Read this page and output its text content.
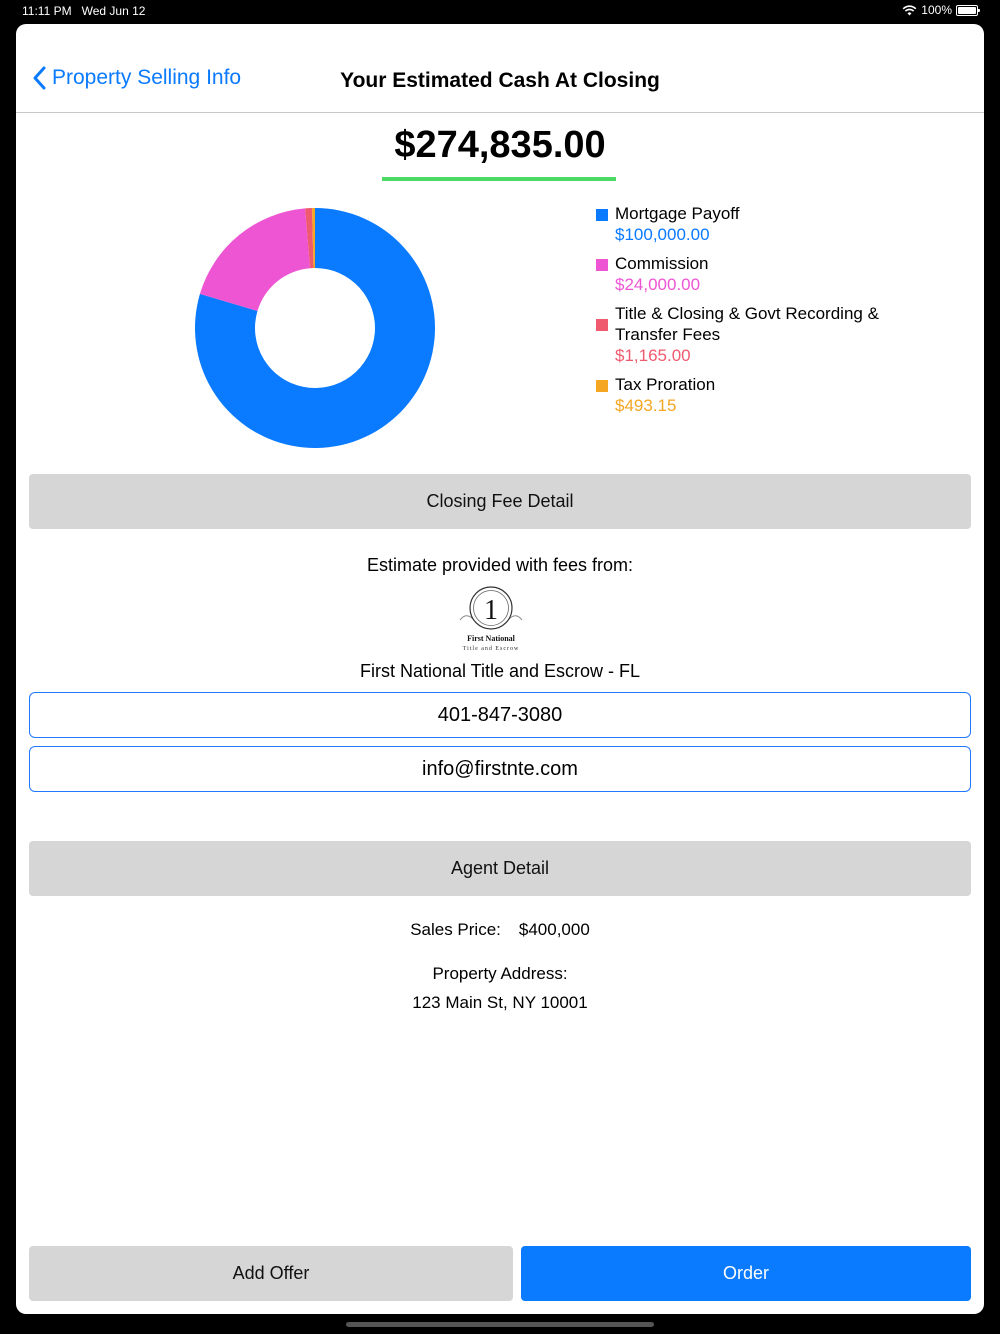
11:11 PM Wed Jun 12	100%
Property Selling Info	Your Estimated Cash At Closing
$274,835.00
Mortgage Payoff
$100,000.00
Commission
$24,000.00
Title & Closing & Govt Recording & Transfer Fees
$1,165.00
Tax Proration
$493.15
Closing Fee Detail
Estimate provided with fees from:
1
First National
Title and Escrow
First National Title and Escrow - FL
401-847-3080
info@firstnte.com
Agent Detail
Sales Price: $400,000
Property Address:
123 Main St, NY 10001
Add Offer	Order
